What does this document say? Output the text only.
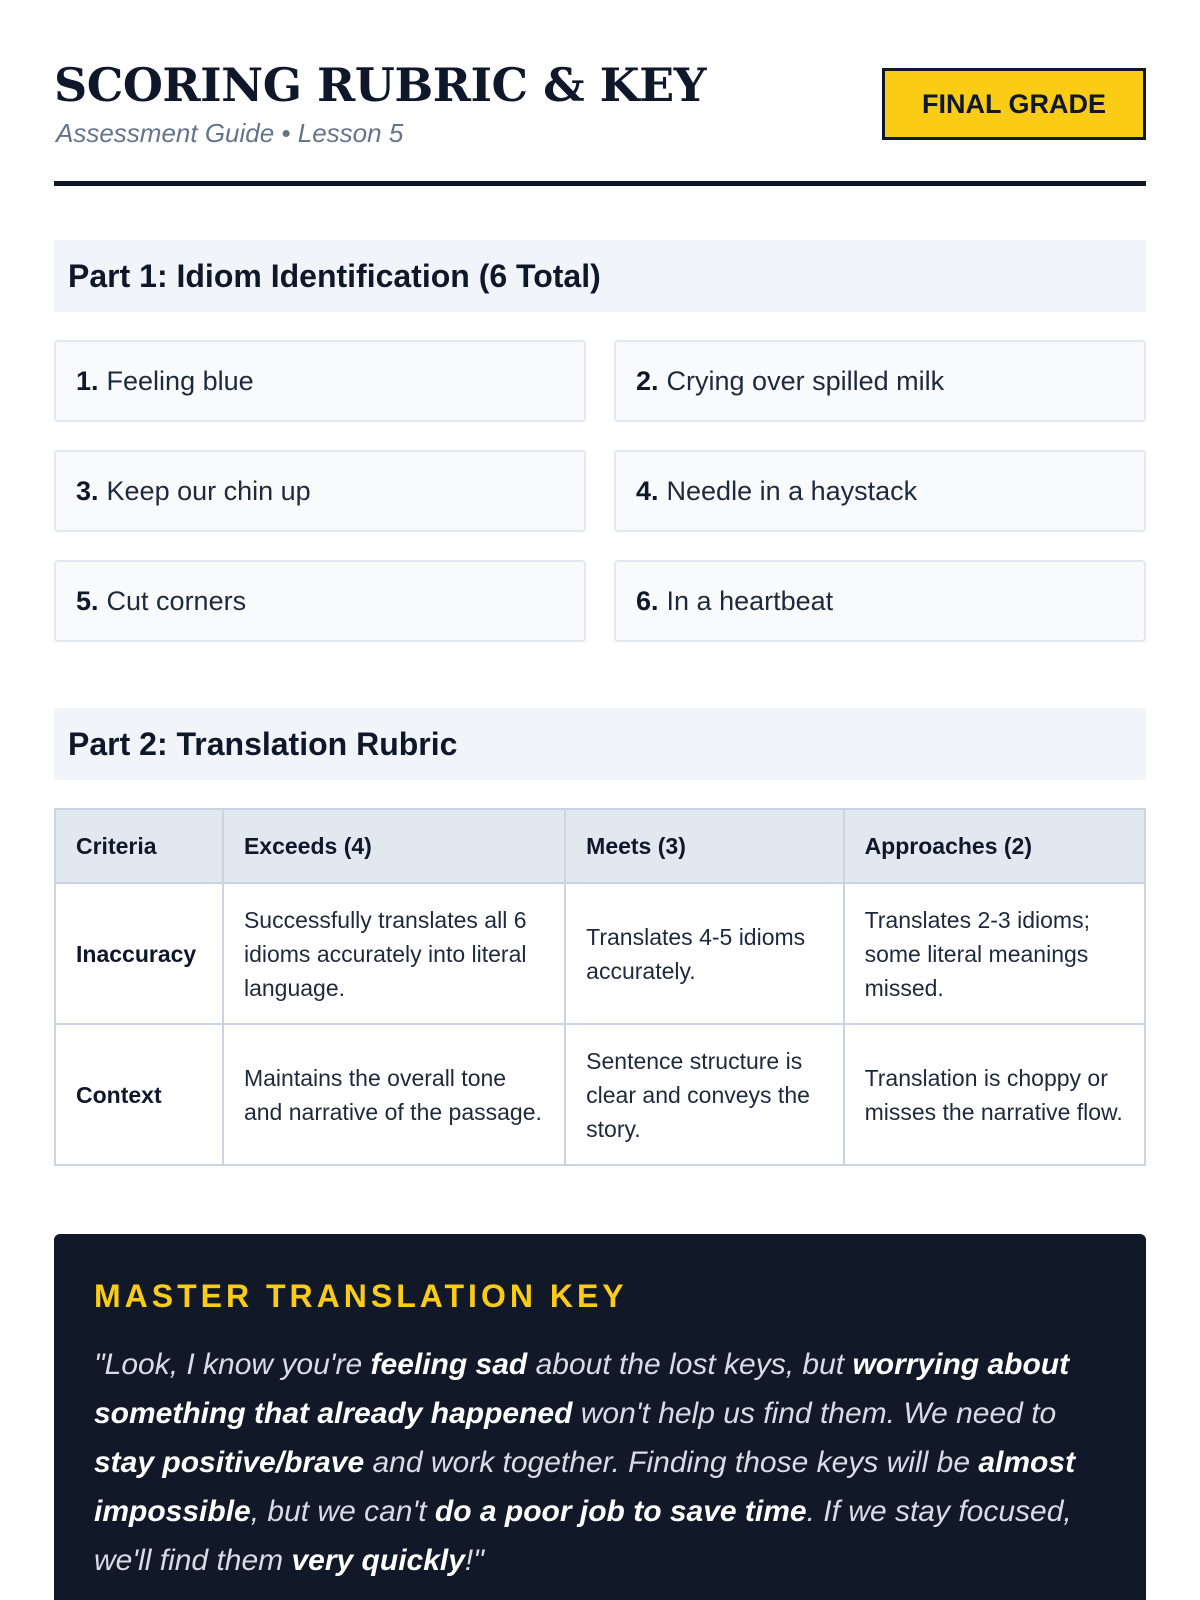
SCORING RUBRIC & KEY
Assessment Guide • Lesson 5
FINAL GRADE
Part 1: Idiom Identification (6 Total)
1. Feeling blue	2. Crying over spilled milk
3. Keep our chin up	4. Needle in a haystack
5. Cut corners	6. In a heartbeat
Part 2: Translation Rubric
Criteria	Exceeds (4)	Meets (3)	Approaches (2)
Inaccuracy	Successfully translates all 6 idioms accurately into literal language.	Translates 4-5 idioms accurately.	Translates 2-3 idioms; some literal meanings missed.
Context	Maintains the overall tone and narrative of the passage.	Sentence structure is clear and conveys the story.	Translation is choppy or misses the narrative flow.
MASTER TRANSLATION KEY

"Look, I know you're feeling sad about the lost keys, but worrying about something that already happened won't help us find them. We need to stay positive/brave and work together. Finding those keys will be almost impossible, but we can't do a poor job to save time. If we stay focused, we'll find them very quickly!"
